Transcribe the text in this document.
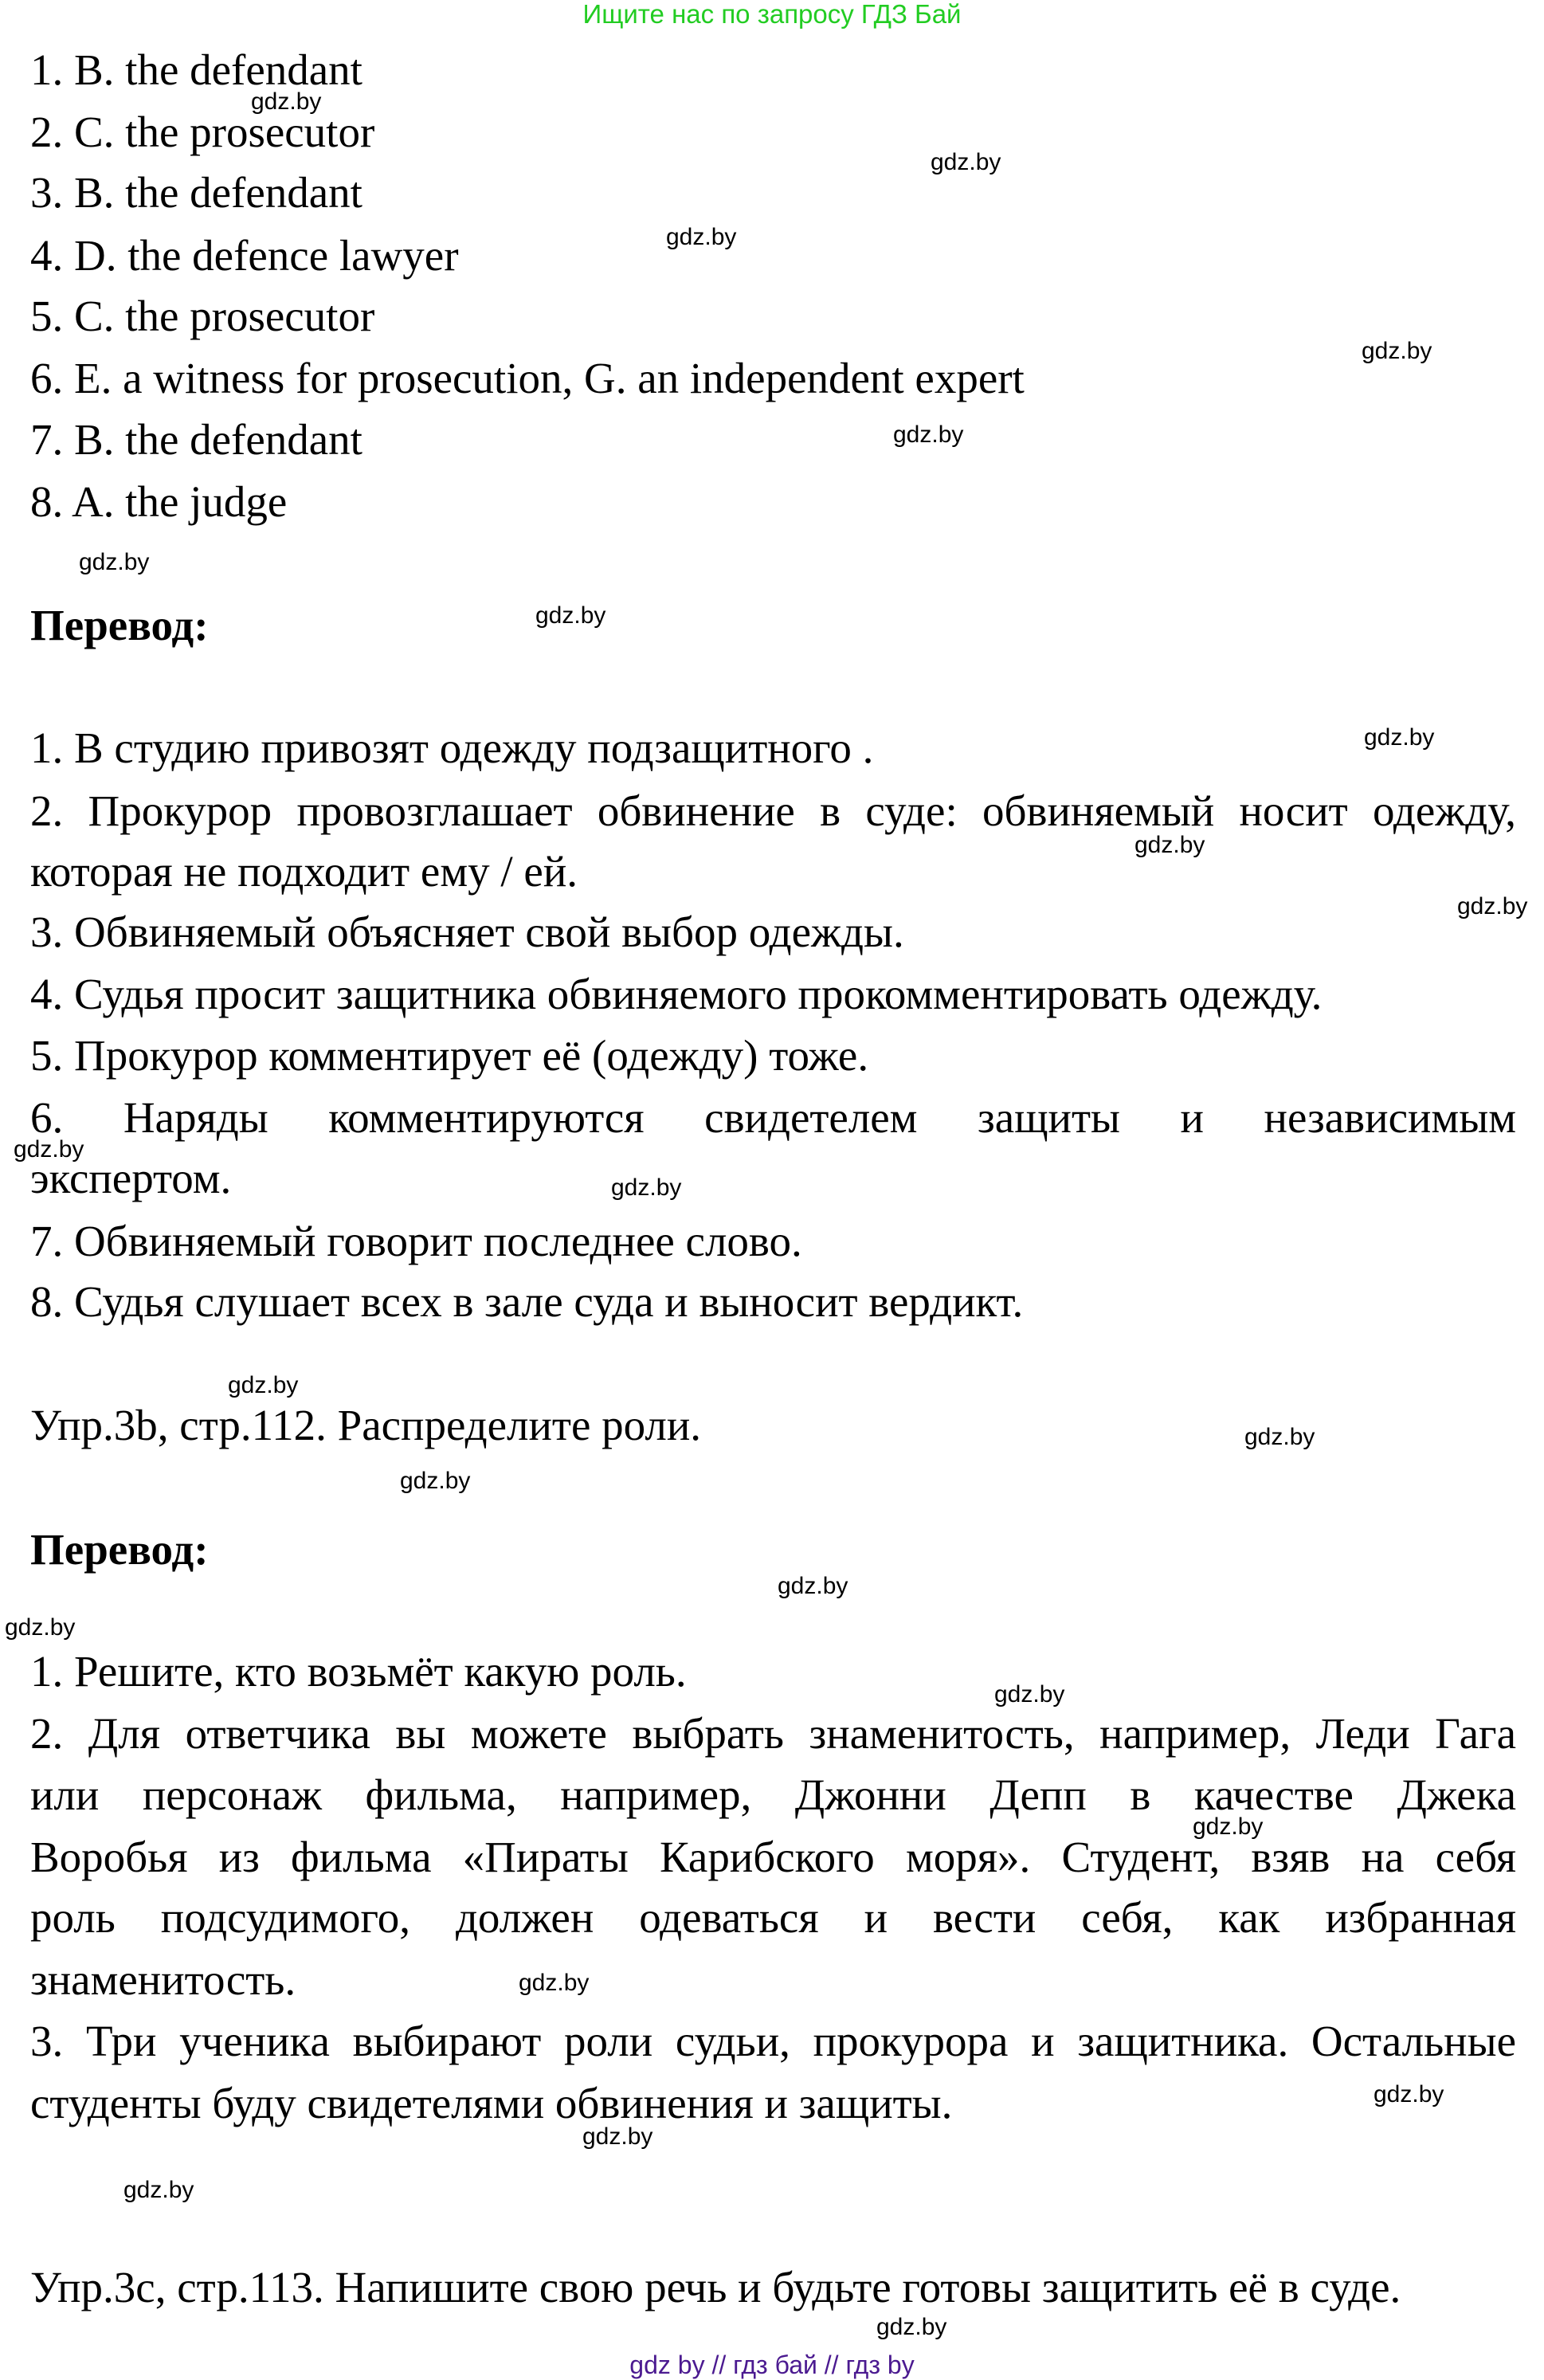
Ищите нас по запросу ГДЗ Бай
1. B. the defendant
2. C. the prosecutor
3. B. the defendant
4. D. the defence lawyer
5. C. the prosecutor
6. E. a witness for prosecution, G. an independent expert
7. B. the defendant
8. A. the judge
Перевод:
1. В студию привозят одежду подзащитного .
2. Прокурор провозглашает обвинение в суде: обвиняемый носит одежду,
которая не подходит ему / ей.
3. Обвиняемый объясняет свой выбор одежды.
4. Судья просит защитника обвиняемого прокомментировать одежду.
5. Прокурор комментирует её (одежду) тоже.
6. Наряды комментируются свидетелем защиты и независимым
экспертом.
7. Обвиняемый говорит последнее слово.
8. Судья слушает всех в зале суда и выносит вердикт.
Упр.3b, стр.112. Распределите роли.
Перевод:
1. Решите, кто возьмёт какую роль.
2. Для ответчика вы можете выбрать знаменитость, например, Леди Гага
или персонаж фильма, например, Джонни Депп в качестве Джека
Воробья из фильма «Пираты Карибского моря». Студент, взяв на себя
роль подсудимого, должен одеваться и вести себя, как избранная
знаменитость.
3. Три ученика выбирают роли судьи, прокурора и защитника. Остальные
студенты буду свидетелями обвинения и защиты.
Упр.3c, стр.113. Напишите свою речь и будьте готовы защитить её в суде.
gdz by // гдз бай // гдз by
gdz.by
gdz.by
gdz.by
gdz.by
gdz.by
gdz.by
gdz.by
gdz.by
gdz.by
gdz.by
gdz.by
gdz.by
gdz.by
gdz.by
gdz.by
gdz.by
gdz.by
gdz.by
gdz.by
gdz.by
gdz.by
gdz.by
gdz.by
gdz.by
